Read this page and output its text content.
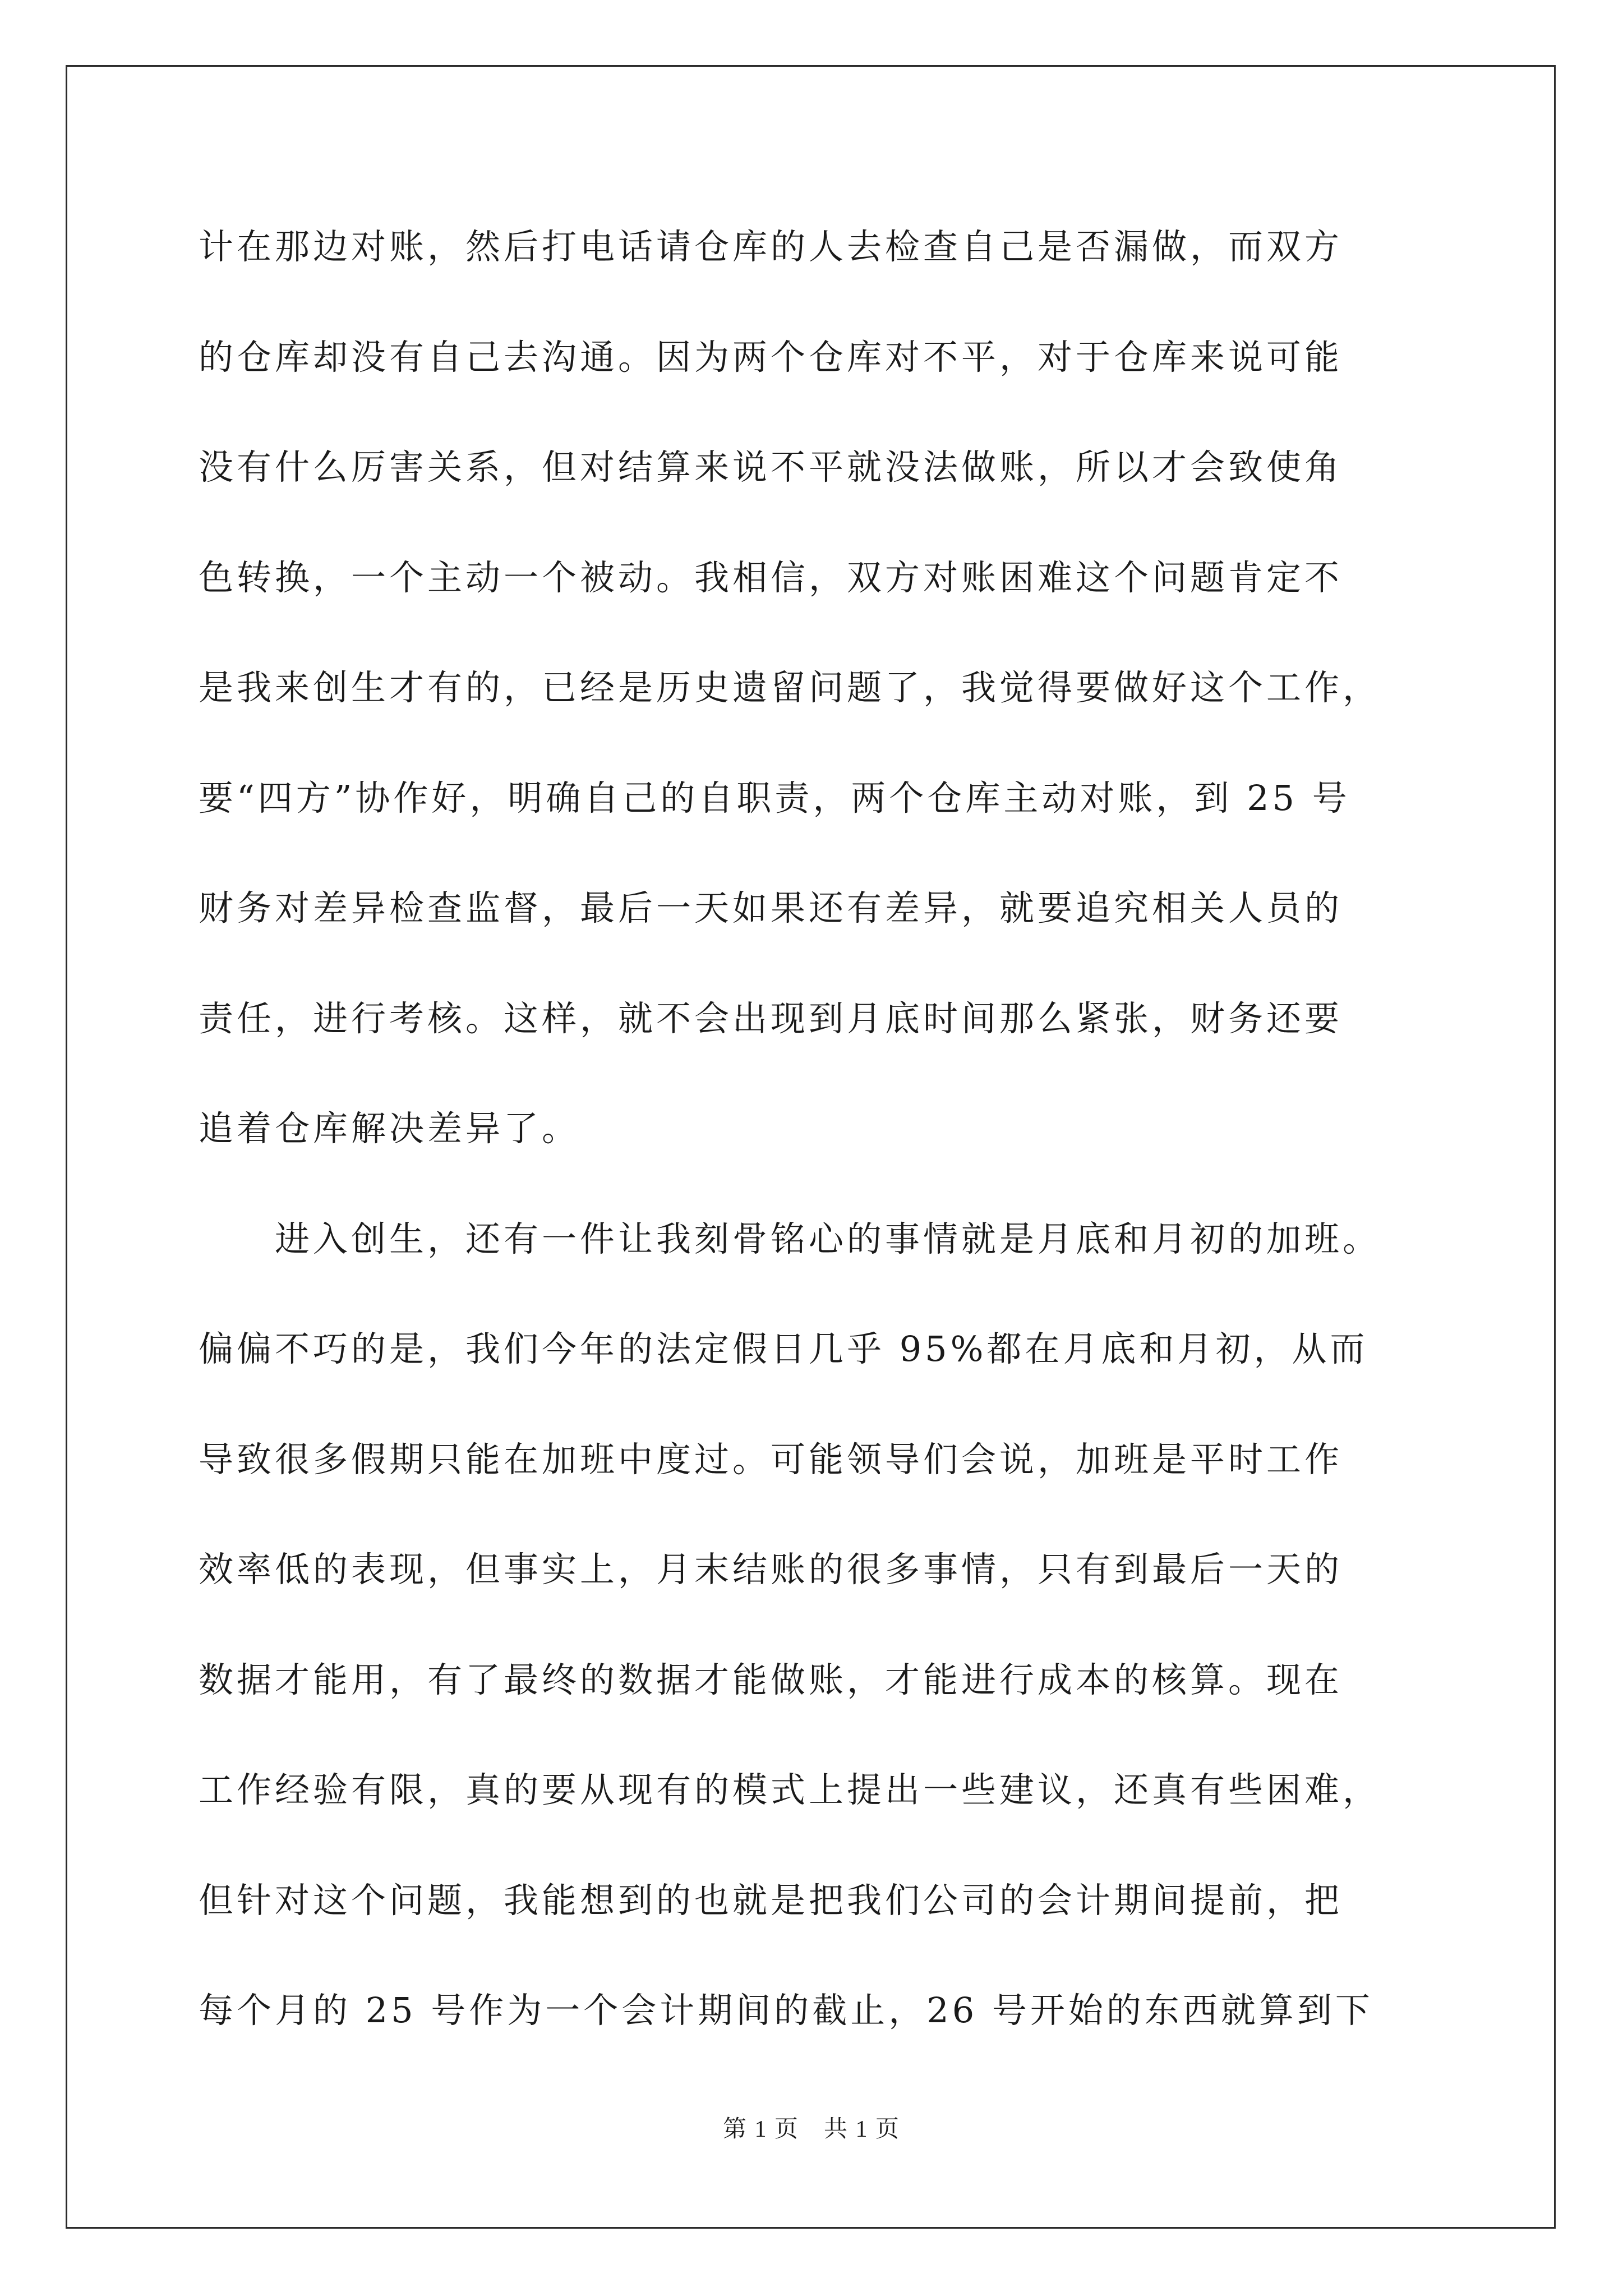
计在那边对账，然后打电话请仓库的人去检查自己是否漏做，而双方
的仓库却没有自己去沟通。因为两个仓库对不平，对于仓库来说可能
没有什么厉害关系，但对结算来说不平就没法做账，所以才会致使角
色转换，一个主动一个被动。我相信，双方对账困难这个问题肯定不
是我来创生才有的，已经是历史遗留问题了，我觉得要做好这个工作，
要“四方”协作好，明确自己的自职责，两个仓库主动对账，到 25 号
财务对差异检查监督，最后一天如果还有差异，就要追究相关人员的
责任，进行考核。这样，就不会出现到月底时间那么紧张，财务还要
追着仓库解决差异了。
　　进入创生，还有一件让我刻骨铭心的事情就是月底和月初的加班。
偏偏不巧的是，我们今年的法定假日几乎 95%都在月底和月初，从而
导致很多假期只能在加班中度过。可能领导们会说，加班是平时工作
效率低的表现，但事实上，月末结账的很多事情，只有到最后一天的
数据才能用，有了最终的数据才能做账，才能进行成本的核算。现在
工作经验有限，真的要从现有的模式上提出一些建议，还真有些困难，
但针对这个问题，我能想到的也就是把我们公司的会计期间提前，把
每个月的 25 号作为一个会计期间的截止，26 号开始的东西就算到下
第 1 页　共 1 页
